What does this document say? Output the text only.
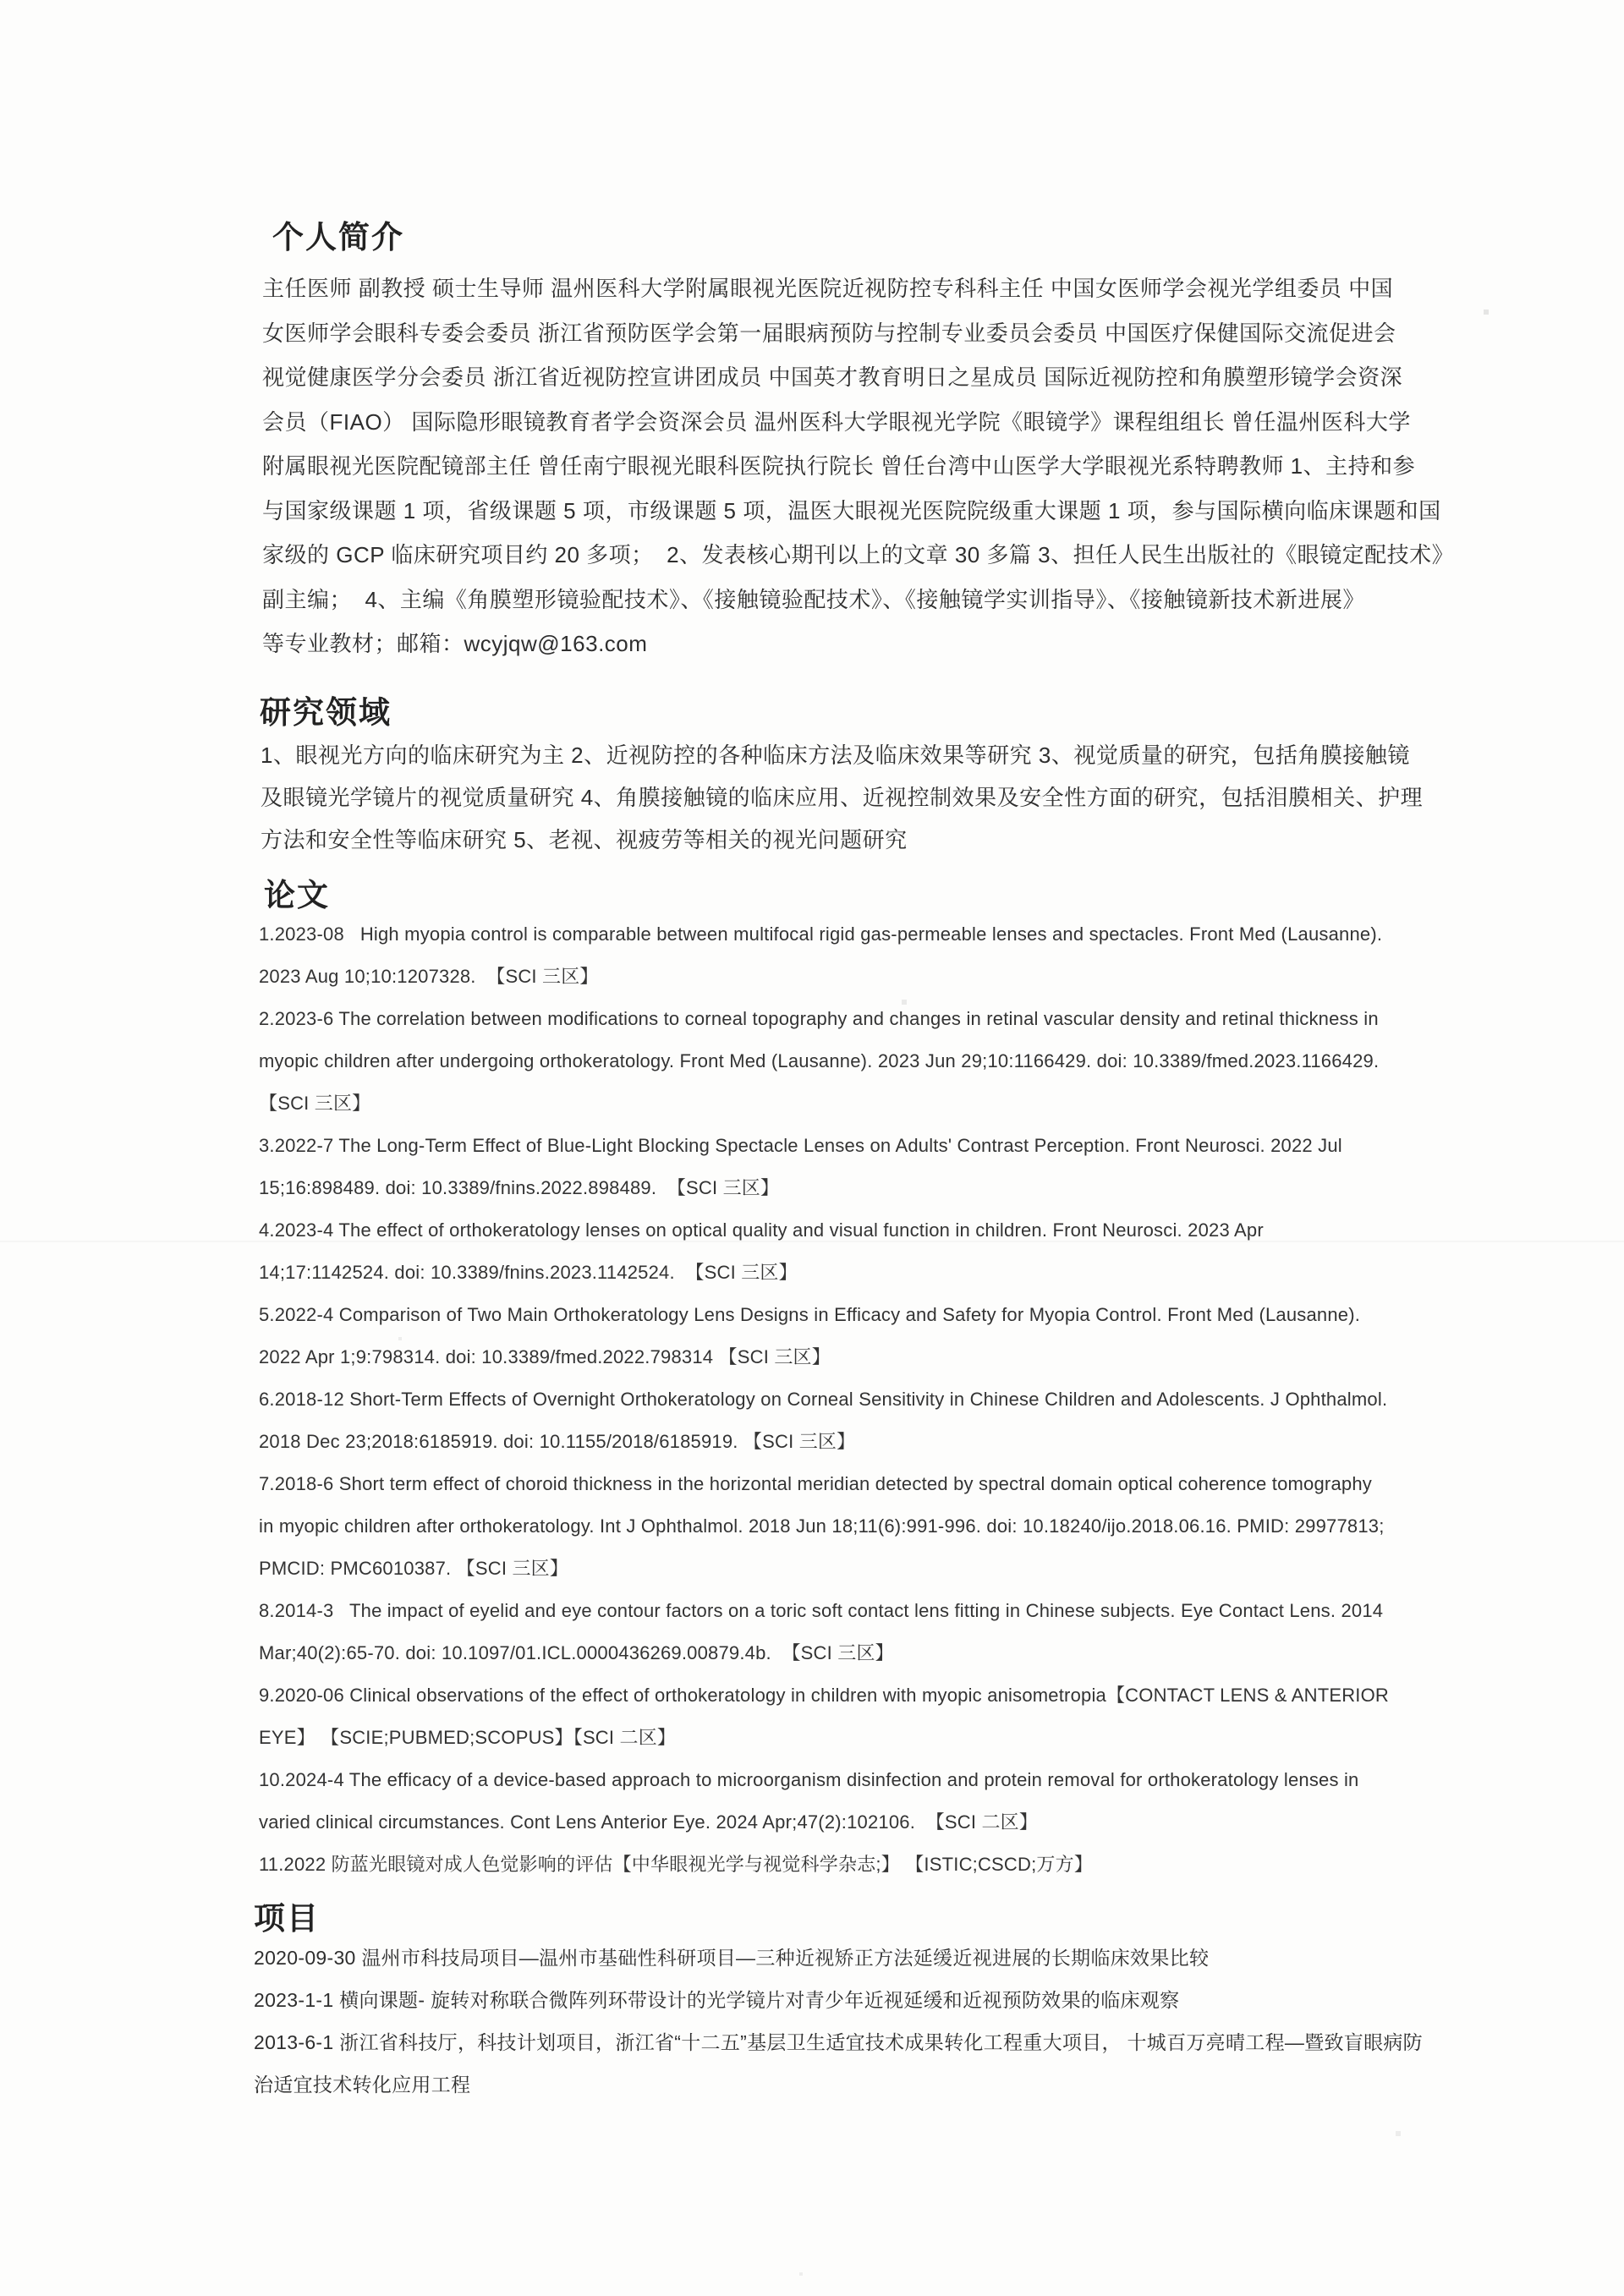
个人简介
主任医师 副教授 硕士生导师 温州医科大学附属眼视光医院近视防控专科科主任 中国女医师学会视光学组委员 中国
女医师学会眼科专委会委员 浙江省预防医学会第一届眼病预防与控制专业委员会委员 中国医疗保健国际交流促进会
视觉健康医学分会委员 浙江省近视防控宣讲团成员 中国英才教育明日之星成员 国际近视防控和角膜塑形镜学会资深
会员（FIAO） 国际隐形眼镜教育者学会资深会员 温州医科大学眼视光学院《眼镜学》课程组组长 曾任温州医科大学
附属眼视光医院配镜部主任 曾任南宁眼视光眼科医院执行院长 曾任台湾中山医学大学眼视光系特聘教师 1、主持和参
与国家级课题 1 项，省级课题 5 项，市级课题 5 项，温医大眼视光医院院级重大课题 1 项，参与国际横向临床课题和国
家级的 GCP 临床研究项目约 20 多项；  2、发表核心期刊以上的文章 30 多篇 3、担任人民生出版社的《眼镜定配技术》
副主编；  4、主编《角膜塑形镜验配技术》、《接触镜验配技术》、《接触镜学实训指导》、《接触镜新技术新进展》
等专业教材；邮箱：wcyjqw@163.com
研究领域
1、眼视光方向的临床研究为主 2、近视防控的各种临床方法及临床效果等研究 3、视觉质量的研究，包括角膜接触镜
及眼镜光学镜片的视觉质量研究 4、角膜接触镜的临床应用、近视控制效果及安全性方面的研究，包括泪膜相关、护理
方法和安全性等临床研究 5、老视、视疲劳等相关的视光问题研究
论文
1.2023-08   High myopia control is comparable between multifocal rigid gas-permeable lenses and spectacles. Front Med (Lausanne).
2023 Aug 10;10:1207328.  【SCI 三区】
2.2023-6 The correlation between modifications to corneal topography and changes in retinal vascular density and retinal thickness in
myopic children after undergoing orthokeratology. Front Med (Lausanne). 2023 Jun 29;10:1166429. doi: 10.3389/fmed.2023.1166429.
【SCI 三区】
3.2022-7 The Long-Term Effect of Blue-Light Blocking Spectacle Lenses on Adults' Contrast Perception. Front Neurosci. 2022 Jul
15;16:898489. doi: 10.3389/fnins.2022.898489.  【SCI 三区】
4.2023-4 The effect of orthokeratology lenses on optical quality and visual function in children. Front Neurosci. 2023 Apr
14;17:1142524. doi: 10.3389/fnins.2023.1142524.  【SCI 三区】
5.2022-4 Comparison of Two Main Orthokeratology Lens Designs in Efficacy and Safety for Myopia Control. Front Med (Lausanne).
2022 Apr 1;9:798314. doi: 10.3389/fmed.2022.798314 【SCI 三区】
6.2018-12 Short-Term Effects of Overnight Orthokeratology on Corneal Sensitivity in Chinese Children and Adolescents. J Ophthalmol.
2018 Dec 23;2018:6185919. doi: 10.1155/2018/6185919. 【SCI 三区】
7.2018-6 Short term effect of choroid thickness in the horizontal meridian detected by spectral domain optical coherence tomography
in myopic children after orthokeratology. Int J Ophthalmol. 2018 Jun 18;11(6):991-996. doi: 10.18240/ijo.2018.06.16. PMID: 29977813;
PMCID: PMC6010387. 【SCI 三区】
8.2014-3   The impact of eyelid and eye contour factors on a toric soft contact lens fitting in Chinese subjects. Eye Contact Lens. 2014
Mar;40(2):65-70. doi: 10.1097/01.ICL.0000436269.00879.4b.  【SCI 三区】
9.2020-06 Clinical observations of the effect of orthokeratology in children with myopic anisometropia【CONTACT LENS & ANTERIOR
EYE】 【SCIE;PUBMED;SCOPUS】【SCI 二区】
10.2024-4 The efficacy of a device-based approach to microorganism disinfection and protein removal for orthokeratology lenses in
varied clinical circumstances. Cont Lens Anterior Eye. 2024 Apr;47(2):102106.  【SCI 二区】
11.2022 防蓝光眼镜对成人色觉影响的评估【中华眼视光学与视觉科学杂志;】 【ISTIC;CSCD;万方】
项目
2020-09-30 温州市科技局项目—温州市基础性科研项目—三种近视矫正方法延缓近视进展的长期临床效果比较
2023-1-1 横向课题- 旋转对称联合微阵列环带设计的光学镜片对青少年近视延缓和近视预防效果的临床观察
2013-6-1 浙江省科技厅，科技计划项目，浙江省“十二五”基层卫生适宜技术成果转化工程重大项目， 十城百万亮晴工程—暨致盲眼病防
治适宜技术转化应用工程
